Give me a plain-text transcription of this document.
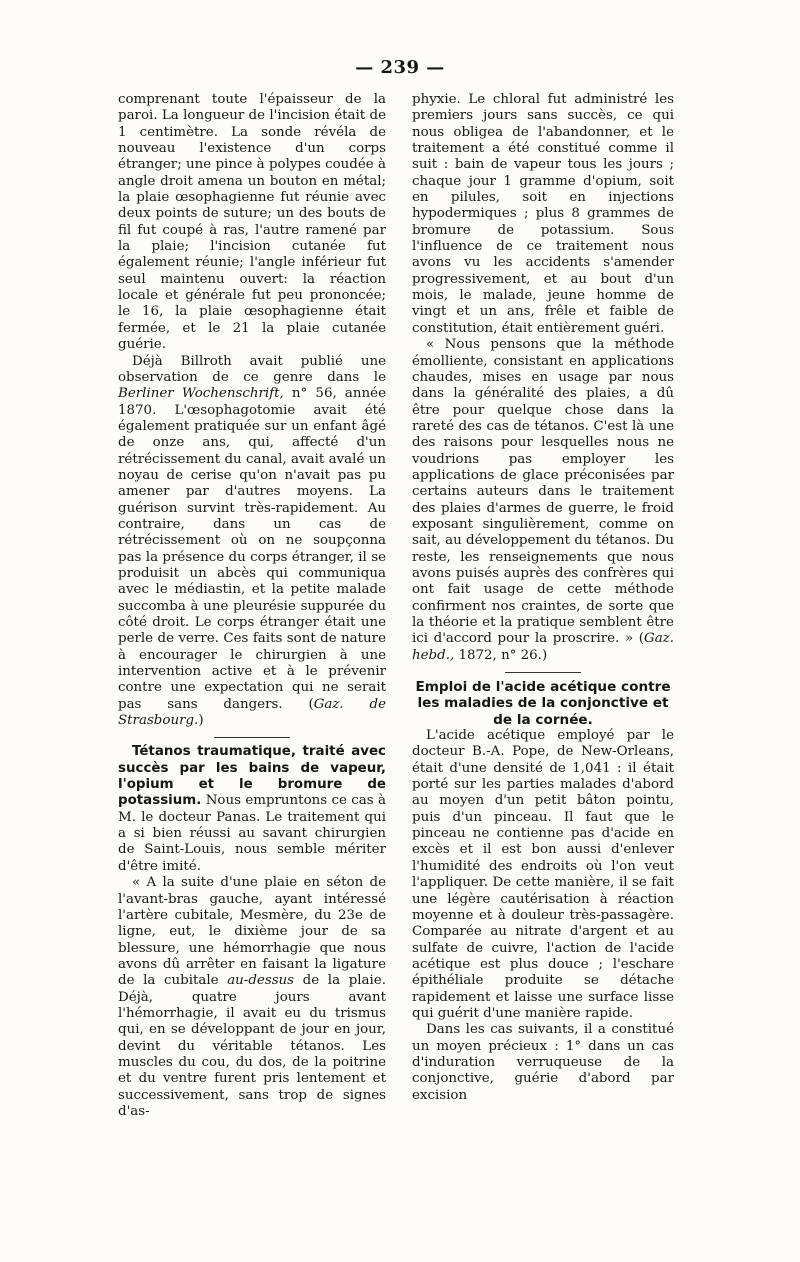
— 239 —

comprenant toute l'épaisseur de la paroi. La longueur de l'incision était de 1 centimètre. La sonde révéla de nouveau l'existence d'un corps étranger; une pince à polypes coudée à angle droit amena un bouton en métal; la plaie œsophagienne fut réunie avec deux points de suture; un des bouts de fil fut coupé à ras, l'autre ramené par la plaie; l'incision cutanée fut également réunie; l'angle inférieur fut seul maintenu ouvert: la réaction locale et générale fut peu prononcée; le 16, la plaie œsophagienne était fermée, et le 21 la plaie cutanée guérie.

Déjà Billroth avait publié une observation de ce genre dans le Berliner Wochenschrift, n° 56, année 1870. L'œsophagotomie avait été également pratiquée sur un enfant âgé de onze ans, qui, affecté d'un rétrécissement du canal, avait avalé un noyau de cerise qu'on n'avait pas pu amener par d'autres moyens. La guérison survint très-rapidement. Au contraire, dans un cas de rétrécissement où on ne soupçonna pas la présence du corps étranger, il se produisit un abcès qui communiqua avec le médiastin, et la petite malade succomba à une pleurésie suppurée du côté droit. Le corps étranger était une perle de verre. Ces faits sont de nature à encourager le chirurgien à une intervention active et à le prévenir contre une expectation qui ne serait pas sans dangers. (Gaz. de Strasbourg.)

Tétanos traumatique, traité avec succès par les bains de vapeur, l'opium et le bromure de potassium. Nous empruntons ce cas à M. le docteur Panas. Le traitement qui a si bien réussi au savant chirurgien de Saint-Louis, nous semble mériter d'être imité.

« A la suite d'une plaie en séton de l'avant-bras gauche, ayant intéressé l'artère cubitale, Mesmère, du 23e de ligne, eut, le dixième jour de sa blessure, une hémorrhagie que nous avons dû arrêter en faisant la ligature de la cubitale au-dessus de la plaie. Déjà, quatre jours avant l'hémorrhagie, il avait eu du trismus qui, en se développant de jour en jour, devint du véritable tétanos. Les muscles du cou, du dos, de la poitrine et du ventre furent pris lentement et successivement, sans trop de signes d'as-

phyxie. Le chloral fut administré les premiers jours sans succès, ce qui nous obligea de l'abandonner, et le traitement a été constitué comme il suit : bain de vapeur tous les jours ; chaque jour 1 gramme d'opium, soit en pilules, soit en injections hypodermiques ; plus 8 grammes de bromure de potassium. Sous l'influence de ce traitement nous avons vu les accidents s'amender progressivement, et au bout d'un mois, le malade, jeune homme de vingt et un ans, frêle et faible de constitution, était entièrement guéri.

« Nous pensons que la méthode émolliente, consistant en applications chaudes, mises en usage par nous dans la généralité des plaies, a dû être pour quelque chose dans la rareté des cas de tétanos. C'est là une des raisons pour lesquelles nous ne voudrions pas employer les applications de glace préconisées par certains auteurs dans le traitement des plaies d'armes de guerre, le froid exposant singulièrement, comme on sait, au développement du tétanos. Du reste, les renseignements que nous avons puisés auprès des confrères qui ont fait usage de cette méthode confirment nos craintes, de sorte que la théorie et la pratique semblent être ici d'accord pour la proscrire. » (Gaz. hebd., 1872, n° 26.)

Emploi de l'acide acétique contre les maladies de la conjonctive et de la cornée.

L'acide acétique employé par le docteur B.-A. Pope, de New-Orleans, était d'une densité de 1,041 : il était porté sur les parties malades d'abord au moyen d'un petit bâton pointu, puis d'un pinceau. Il faut que le pinceau ne contienne pas d'acide en excès et il est bon aussi d'enlever l'humidité des endroits où l'on veut l'appliquer. De cette manière, il se fait une légère cautérisation à réaction moyenne et à douleur très-passagère. Comparée au nitrate d'argent et au sulfate de cuivre, l'action de l'acide acétique est plus douce ; l'eschare épithéliale produite se détache rapidement et laisse une surface lisse qui guérit d'une manière rapide.

Dans les cas suivants, il a constitué un moyen précieux : 1° dans un cas d'induration verruqueuse de la conjonctive, guérie d'abord par excision
